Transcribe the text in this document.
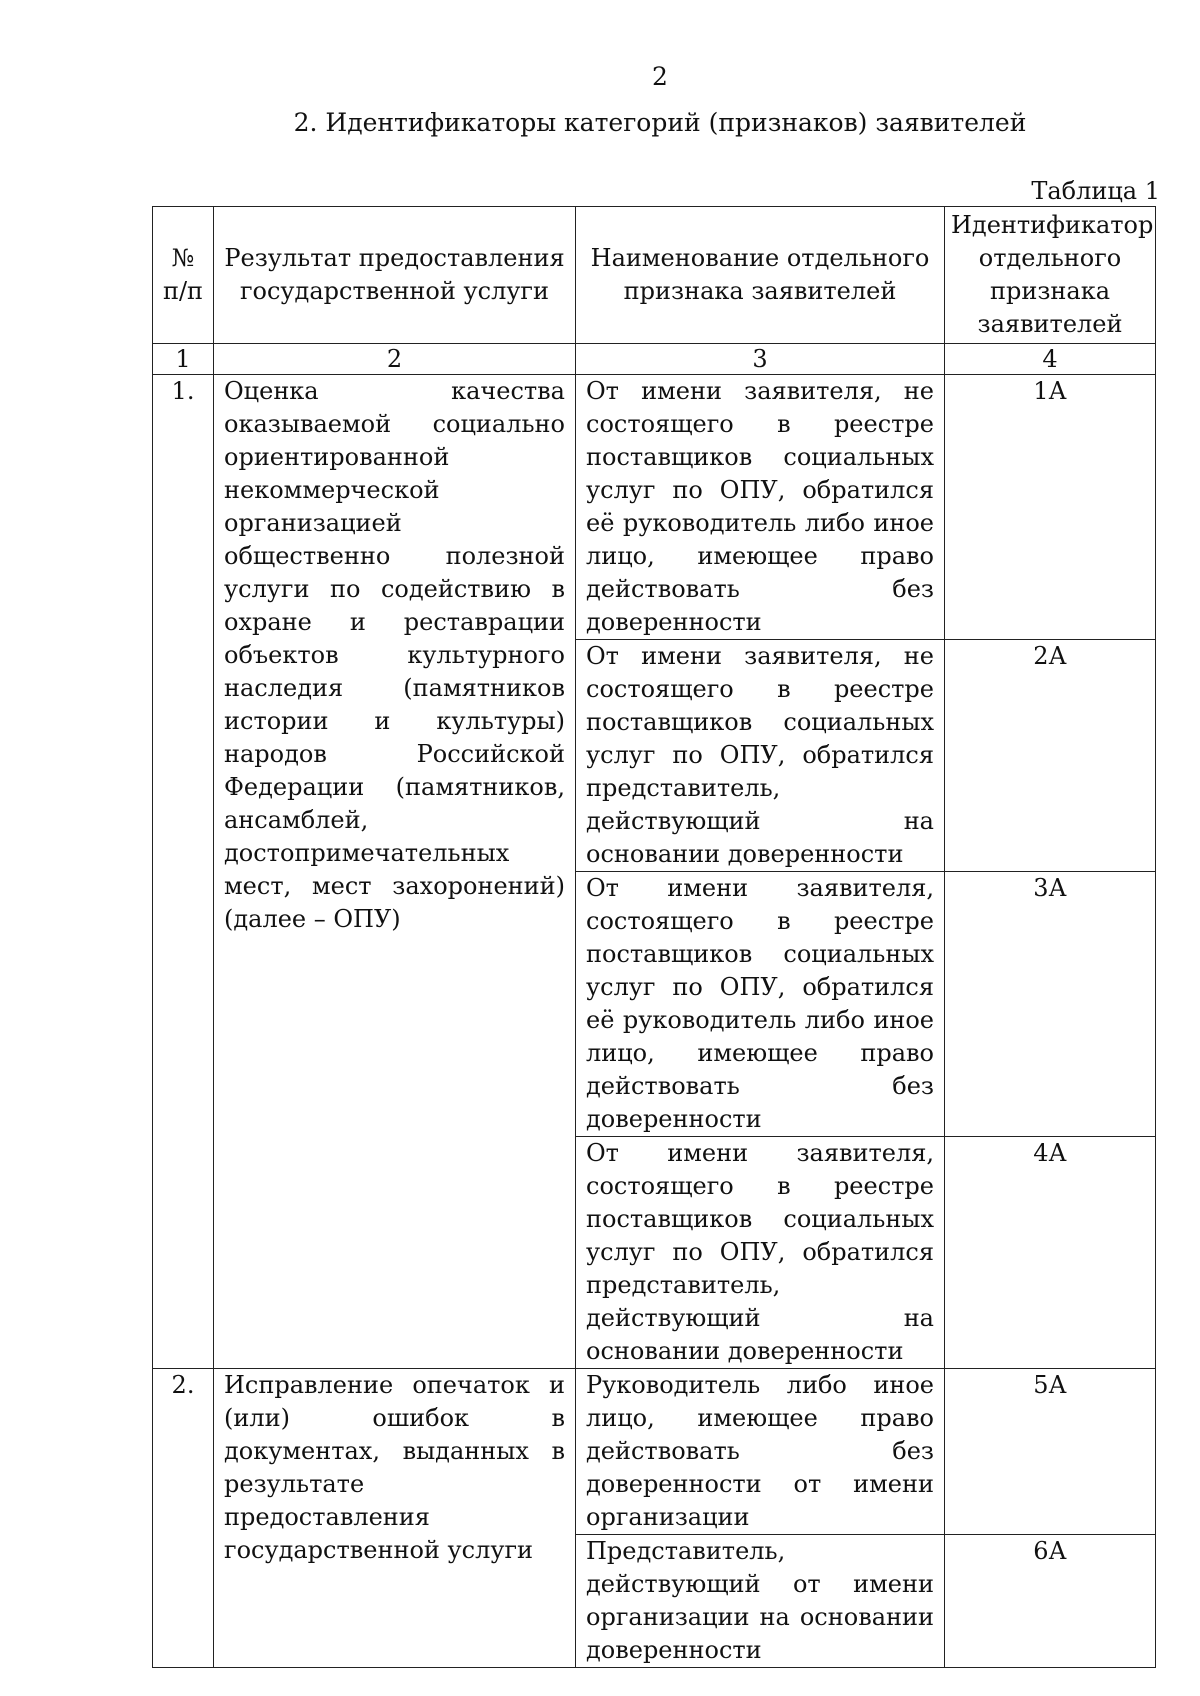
2
2. Идентификаторы категорий (признаков) заявителей
Таблица 1
№ п/п	Результат предоставления государственной услуги	Наименование отдельного признака заявителей	Идентификатор отдельного признака заявителей
1	2	3	4
1.	Оценка качества оказываемой социально ориентированной некоммерческой организацией общественно полезной услуги по содействию в охране и реставрации объектов культурного наследия (памятников истории и культуры) народов Российской Федерации (памятников, ансамблей, достопримечательных мест, мест захоронений) (далее – ОПУ)	От имени заявителя, не состоящего в реестре поставщиков социальных услуг по ОПУ, обратился её руководитель либо иное лицо, имеющее право действовать без доверенности	1А
		От имени заявителя, не состоящего в реестре поставщиков социальных услуг по ОПУ, обратился представитель, действующий на основании доверенности	2А
		От имени заявителя, состоящего в реестре поставщиков социальных услуг по ОПУ, обратился её руководитель либо иное лицо, имеющее право действовать без доверенности	3А
		От имени заявителя, состоящего в реестре поставщиков социальных услуг по ОПУ, обратился представитель, действующий на основании доверенности	4А
2.	Исправление опечаток и (или) ошибок в документах, выданных в результате предоставления государственной услуги	Руководитель либо иное лицо, имеющее право действовать без доверенности от имени организации	5А
		Представитель, действующий от имени организации на основании доверенности	6А
